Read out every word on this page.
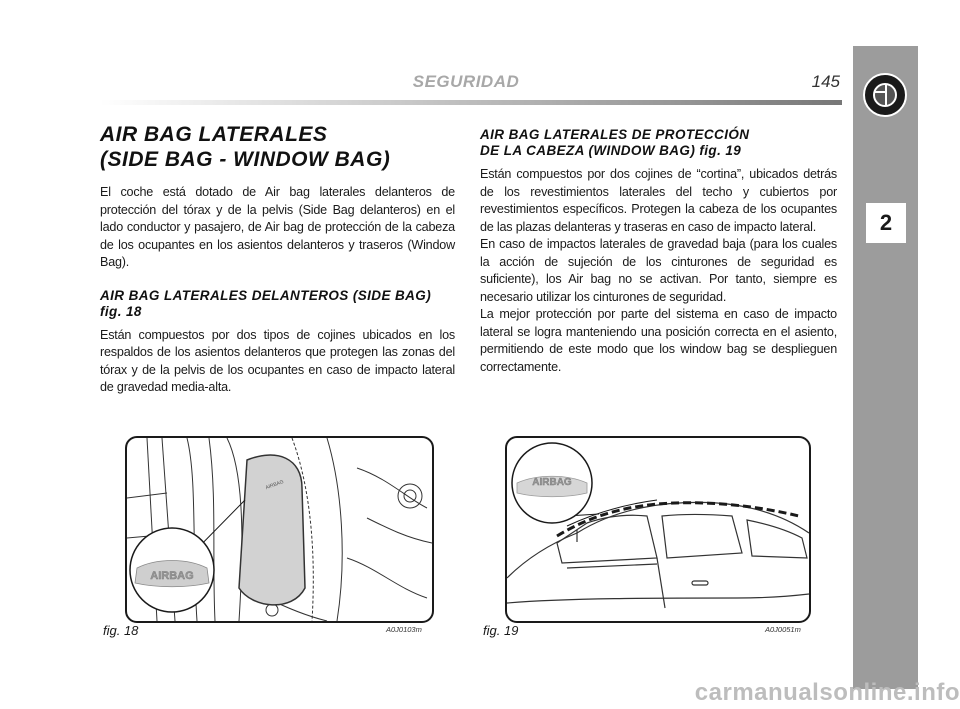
SEGURIDAD	145
2
AIR BAG LATERALES
(SIDE BAG - WINDOW BAG)

El coche está dotado de Air bag laterales delanteros de protección del tórax y de la pelvis (Side Bag delanteros) en el lado conductor y pasajero, de Air bag de protección de la cabeza de los ocupantes en los asientos delanteros y traseros (Window Bag).

AIR BAG LATERALES DELANTEROS (SIDE BAG)
fig. 18

Están compuestos por dos tipos de cojines ubicados en los respaldos de los asientos delanteros que protegen las zonas del tórax y de la pelvis de los ocupantes en caso de impacto lateral de gravedad media-alta.

AIR BAG LATERALES DE PROTECCIÓN
DE LA CABEZA (WINDOW BAG) fig. 19

Están compuestos por dos cojines de “cortina”, ubicados detrás de los revestimientos laterales del techo y cubiertos por revestimientos específicos. Protegen la cabeza de los ocupantes de las plazas delanteras y traseras en caso de impacto lateral.

En caso de impactos laterales de gravedad baja (para los cuales la acción de sujeción de los cinturones de seguridad es suficiente), los Air bag no se activan. Por tanto, siempre es necesario utilizar los cinturones de seguridad.

La mejor protección por parte del sistema en caso de impacto lateral se logra manteniendo una posición correcta en el asiento, permitiendo de este modo que los window bag se desplieguen correctamente.

AIRBAG
AIRBAG
fig. 18	A0J0103m
AIRBAG
fig. 19	A0J0051m
carmanualsonline.info
